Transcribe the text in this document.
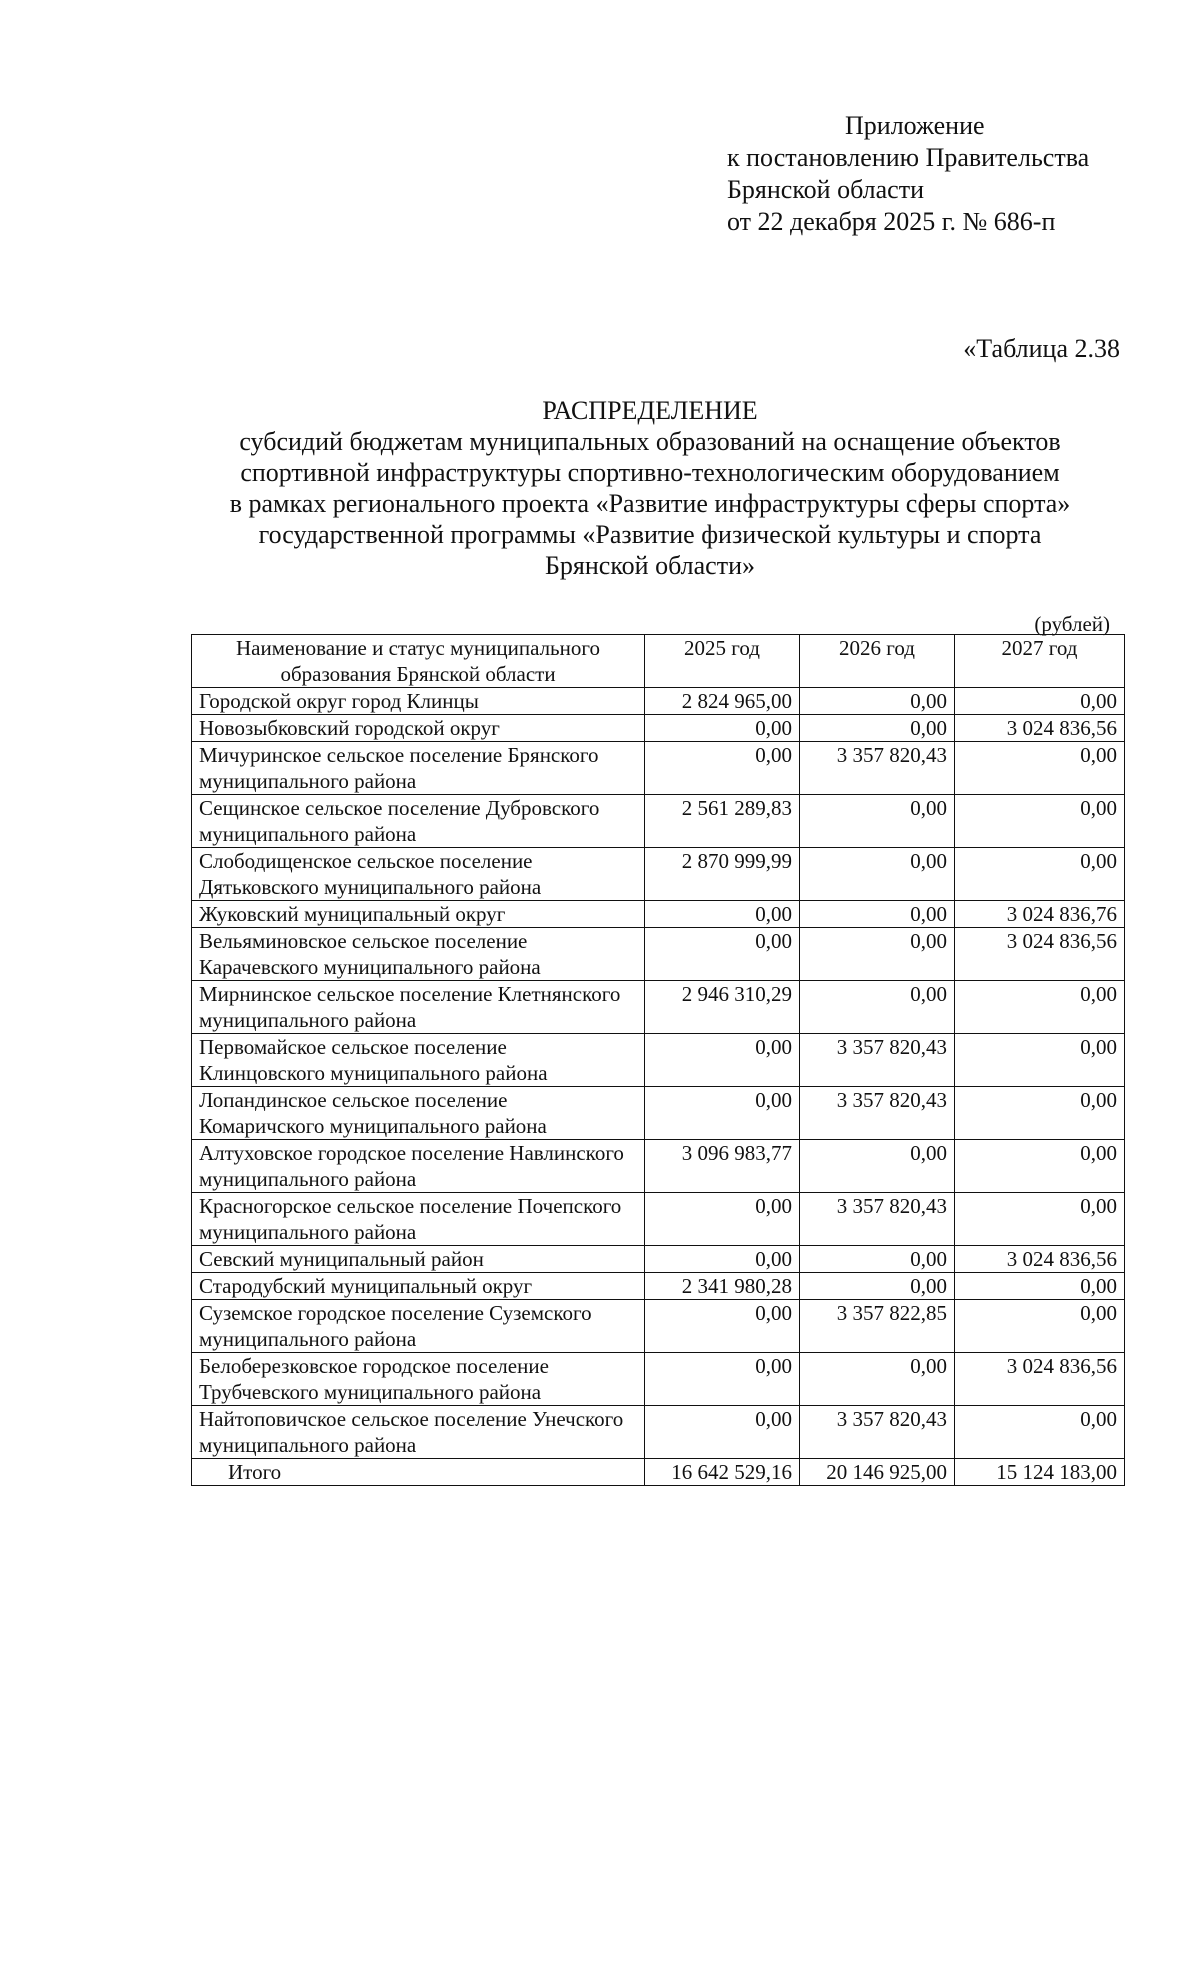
Приложение
к постановлению Правительства
Брянской области
от 22 декабря 2025 г. № 686-п
«Таблица 2.38
РАСПРЕДЕЛЕНИЕ
субсидий бюджетам муниципальных образований на оснащение объектов
спортивной инфраструктуры спортивно-технологическим оборудованием
в рамках регионального проекта «Развитие инфраструктуры сферы спорта»
государственной программы «Развитие физической культуры и спорта
Брянской области»
(рублей)
Наименование и статус муниципального образования Брянской области	2025 год	2026 год	2027 год
Городской округ город Клинцы	2 824 965,00	0,00	0,00
Новозыбковский городской округ	0,00	0,00	3 024 836,56
Мичуринское сельское поселение Брянского муниципального района	0,00	3 357 820,43	0,00
Сещинское сельское поселение Дубровского муниципального района	2 561 289,83	0,00	0,00
Слободищенское сельское поселение Дятьковского муниципального района	2 870 999,99	0,00	0,00
Жуковский муниципальный округ	0,00	0,00	3 024 836,76
Вельяминовское сельское поселение Карачевского муниципального района	0,00	0,00	3 024 836,56
Мирнинское сельское поселение Клетнянского муниципального района	2 946 310,29	0,00	0,00
Первомайское сельское поселение Клинцовского муниципального района	0,00	3 357 820,43	0,00
Лопандинское сельское поселение Комаричского муниципального района	0,00	3 357 820,43	0,00
Алтуховское городское поселение Навлинского муниципального района	3 096 983,77	0,00	0,00
Красногорское сельское поселение Почепского муниципального района	0,00	3 357 820,43	0,00
Севский муниципальный район	0,00	0,00	3 024 836,56
Стародубский муниципальный округ	2 341 980,28	0,00	0,00
Суземское городское поселение Суземского муниципального района	0,00	3 357 822,85	0,00
Белоберезковское городское поселение Трубчевского муниципального района	0,00	0,00	3 024 836,56
Найтоповичское сельское поселение Унечского муниципального района	0,00	3 357 820,43	0,00
Итого	16 642 529,16	20 146 925,00	15 124 183,00
